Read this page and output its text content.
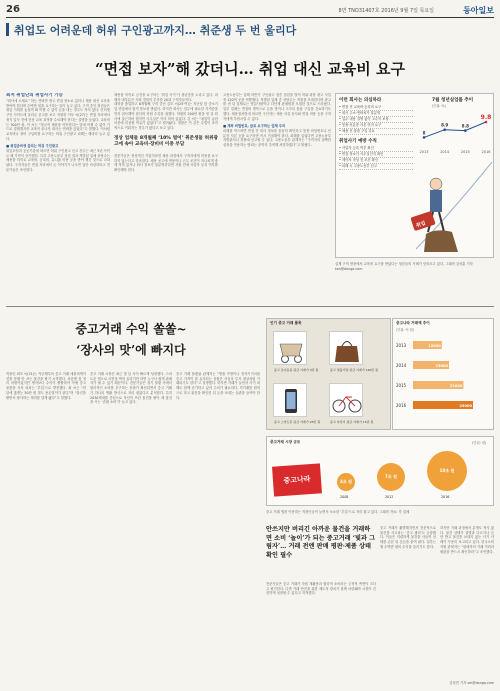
26	8면 TNO31407호 2016년 9월 7일 목요일	동아일보
취업도 어려운데 허위 구인광고까지… 취준생 두 번 울리다
“면접 보자”해 갔더니… 취업 대신 교육비 요구
최저 취업난의 취업사기 기승
“회사에 오세요” 하는 연락만 받고 면접 장소로 갔더니 채용 대신 교육을 받아야 한다며 수백만 원을 요구하는 일이 늘고 있다. 구직 중인 청년들은 취업 기회를 놓칠까 봐 어쩔 수 없이 돈을 내는 경우도 적지 않다. 인터넷 구인 사이트에 올라온 공고를 보고 지원한 이모 씨(27)는 면접 자리에서 정식 입사 전에 전문 교육 과정을 수료해야 한다는 설명을 들었다. 교육비는 300만 원. 이 씨는 “정규직 채용을 약속한다는 말에 어쩔 수 없이 카드로 결제했지만 교육이 끝나자 회사는 연락을 끊었다”고 말했다. 이처럼 교육비나 장비 구입비를 요구하는 허위 구인광고 피해는 해마다 늘고 있다.
■ 취업준비생 울리는 허위 구인광고
취업포털과 공공기관에 따르면 허위 구인광고 신고 건수는 최근 3년 사이 두 배 가까이 증가했다. 특히 고용노동부 점검 결과 적발된 업체 상당수는 채용을 미끼로 교육비, 등록비, 유니폼 비용 등을 받아 챙긴 것으로 나타났다. 구직자들은 면접 자리에서 돈 이야기가 나오면 일단 의심하라고 전문가들은 조언한다.
채용을 미끼로 금전을 요구하는 ‘취업 사기’가 청년층을 노리고 있다. 피해자 대부분은 사회 경험이 부족한 20대 구직자들이다.
대학을 졸업하고 6개월째 구직 중인 김모 씨(25·여)는 지난달 한 중소기업 면접에서 합격 통보를 받았다. 하지만 회사는 업무에 필요한 자격증을 먼저 취득해야 한다며 학원 수강을 권했다. 학원비 200만 원을 낸 뒤 회사에 출근하려 했지만 사무실은 이미 비어 있었다. 김 씨는 “취업이 급한 마음에 의심할 여유가 없었다”고 털어놨다. 경찰은 이 같은 수법이 조직적으로 이뤄지는 경우가 많다고 보고 있다.
정상 업체들 8개월째 ‘10% 벌어’ 취준생들 허위광고에 속아 교육비·장비비 이중 부담
전문가들은 정상적인 기업이라면 채용 과정에서 구직자에게 비용을 요구하지 않는다고 강조한다. 채용 공고에 연봉이나 근무 조건이 지나치게 좋게 적혀 있거나 회사 정보가 불분명하다면 지원 전에 사업자 등록 여부를 확인해야 한다.
고용노동부는 올해 하반기 구인광고 집중 점검을 벌여 허위·과장 광고 사업장 120여 곳을 적발했다. 적발된 업체 중 상당수는 직원을 모집한다며 광고를 낸 뒤 실제로는 영업사원이나 다단계 판매원을 모집한 것으로 드러났다. 일부 업체는 면접비 명목으로 돈을 받거나 고가의 물품 구입을 강요하기도 했다. 채용절차법에 따르면 구인자는 채용 서류 심사와 면접 비용 등을 구직자에게 부담시킬 수 없다.
■ 계좌 비밀번호, 급료 요구하는 업체 주의
피해를 막으려면 면접 전 회사 정보를 꼼꼼히 확인하고 통장 비밀번호나 신분증 사본 등을 요구하면 즉시 거절해야 한다. 피해를 입었다면 고용노동부 지방관서나 경찰에 신고할 수 있다. 고용노동부 관계자는 “구직자의 절박한 심정을 악용하는 범죄는 끝까지 추적해 처벌하겠다”고 밝혔다.
이런 회사는 의심하라
• 면접 전 교육비·등록비 요구
• 회사 주소·연락처가 불분명
• 업무 내용 설명 없이 고수익 보장
• 통장·신분증 사본 먼저 요구
• 채용 전 물품 구입 강요
취업사기 예방 수칙
• 사업자 등록 여부 확인
• 면접 장소가 사무실인지 확인
• 계약서 작성 전 조건 확인
• 피해 시 고용노동부 신고
7월 청년실업률 추이
(단위: %)
8
2013
8.9
2014
8.8
2015
9.8
2016
취업
실제 구직 현장에서 교육비 요구를 받았다는 청년들의 사례가 잇따르고 있다. 그래픽 김성훈 기자 ksh@donga.com
중고거래 수익 쏠쏠~
‘장사의 맛’에 빠지다
직장인 최모 씨(31)는 지난해부터 중고 거래 애플리케이션을 통해 안 쓰는 물건을 팔기 시작했다. 처음엔 집 정리 차원이었지만 생각보다 수익이 쏠쏠하자 아예 중고 물품을 사서 되파는 ‘부업’으로 발전했다. 최 씨는 “한 달에 많게는 50만 원 정도 용돈벌이가 된다”며 “물건을 팔면서 장사하는 재미를 알게 됐다”고 말했다.
중고 거래 시장은 최근 몇 년 사이 빠르게 성장했다. 스마트폰 앱으로 사진을 찍어 올리기만 하면 누구나 쉽게 판매자가 될 수 있기 때문이다. 전문가들은 경기 불황 속에서 합리적인 소비를 추구하는 문화가 확산되면서 중고 거래가 하나의 생활 방식으로 자리 잡았다고 분석한다. 특히 2030세대를 중심으로 자신이 쓰던 물건을 팔아 새 물건을 사는 ‘순환 소비’가 늘고 있다.
중고 거래 플랫폼 관계자는 “명품 가방이나 전자기기처럼 중고 가격이 잘 유지되는 상품은 사실상 투자 대상처럼 거래되기도 한다”고 설명했다. 하지만 거래가 늘면서 사기 피해도 함께 증가하고 있어 주의가 필요하다. 직거래를 원칙으로 하고 물건을 확인한 뒤 돈을 보내는 습관을 들여야 한다.
인기 중고 거래 품목
중고 유아용품 평균 거래가 3만 원	중고 명품가방 평균 거래가 120만 원
중고 스마트폰 평균 거래가 25만 원	중고 자전거 평균 거래가 15만 원
중고나라 거래액 추이
(단위: 억 원)
2013	12000
2014	15000
2015	21000
2016	25000
중고거래 시장 규모
중고나라	4조 원
7조 원
10조 원
2008	2012	2016
(단위: 원)
중고 거래 앱을 이용하는 직장인들이 늘면서 소소한 ‘부업’으로 자리 잡고 있다. 그래픽 자료: 각 업체
안쓰지만 버리긴 아까운 물건을 거래하면 소비 ‘놀이’가 되는 중고거래 ‘빛과 그림자’… 거래 전엔 판매 평판·제품 상태 확인 필수
중고 거래가 활발해지면서 전문적으로 물건을 사고파는 ‘중고 셀러’도 등장했다. 이들은 저렴하게 물건을 사들여 상태를 손본 뒤 웃돈을 붙여 판다. 일부는 월 수백만 원의 수익을 올리기도 한다.
하지만 거래 과정에서 분쟁도 적지 않다. 물건 상태가 설명과 다르거나 돈만 받고 물건을 보내지 않는 사기 사례가 꾸준히 보고되고 있다. 한국소비자원 관계자는 “판매자의 거래 이력과 평판을 반드시 확인하라”고 조언했다.
전문가들은 중고 거래가 자원 재활용과 합리적 소비라는 긍정적 측면이 크다고 평가한다. 다만 거래 안전을 위한 제도적 장치가 함께 마련돼야 시장이 건전하게 성장할 수 있다고 지적했다.
김성민 기자 sm@donga.com
